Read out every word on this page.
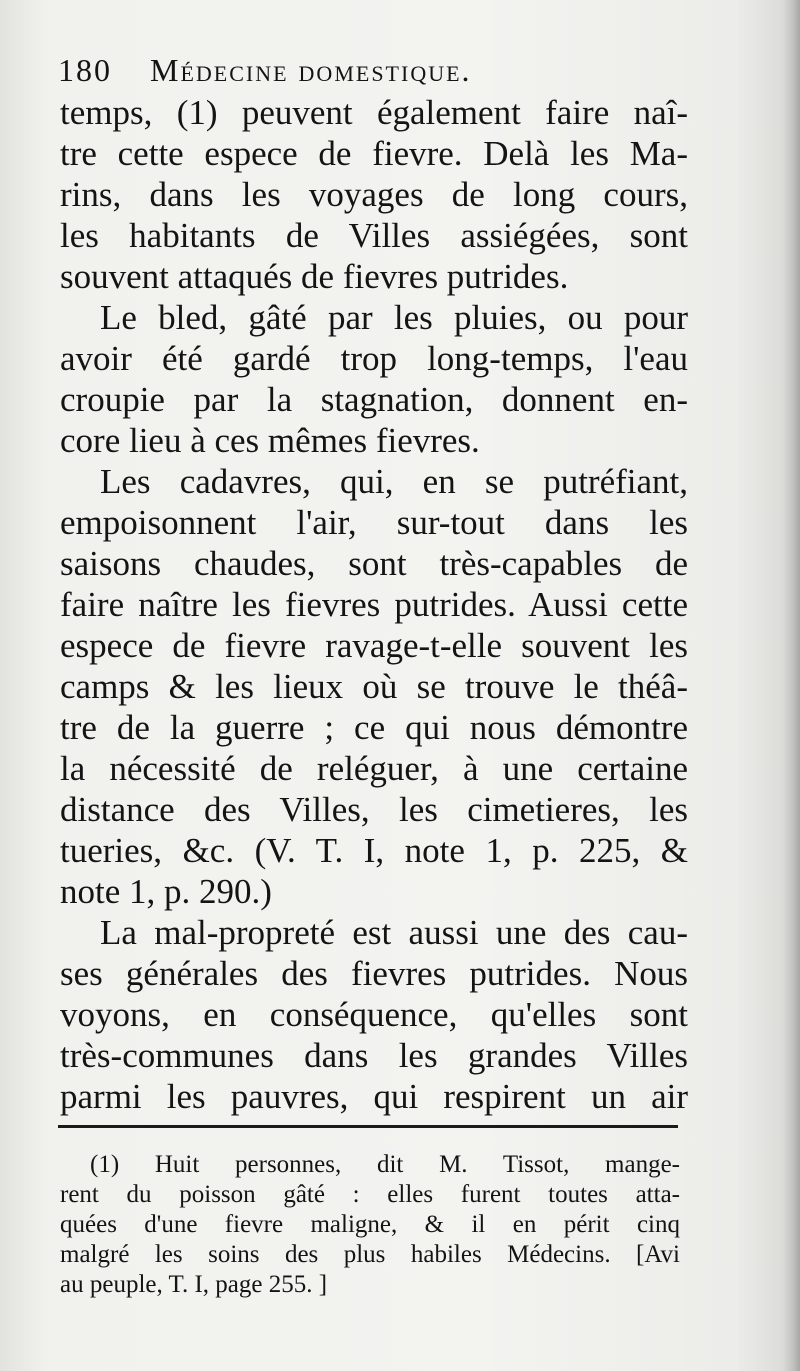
180 Médecine domestique.
temps, (1) peuvent également faire naî-
tre cette espece de fievre. Delà les Ma-
rins, dans les voyages de long cours,
les habitants de Villes assiégées, sont
souvent attaqués de fievres putrides.
Le bled, gâté par les pluies, ou pour
avoir été gardé trop long-temps, l'eau
croupie par la stagnation, donnent en-
core lieu à ces mêmes fievres.
Les cadavres, qui, en se putréfiant,
empoisonnent l'air, sur-tout dans les
saisons chaudes, sont très-capables de
faire naître les fievres putrides. Aussi cette
espece de fievre ravage-t-elle souvent les
camps & les lieux où se trouve le théâ-
tre de la guerre ; ce qui nous démontre
la nécessité de reléguer, à une certaine
distance des Villes, les cimetieres, les
tueries, &c. (V. T. I, note 1, p. 225, &
note 1, p. 290.)
La mal-propreté est aussi une des cau-
ses générales des fievres putrides. Nous
voyons, en conséquence, qu'elles sont
très-communes dans les grandes Villes
parmi les pauvres, qui respirent un air
(1) Huit personnes, dit M. Tissot, mange-
rent du poisson gâté : elles furent toutes atta-
quées d'une fievre maligne, & il en périt cinq
malgré les soins des plus habiles Médecins. [Avi
au peuple, T. I, page 255. ]
